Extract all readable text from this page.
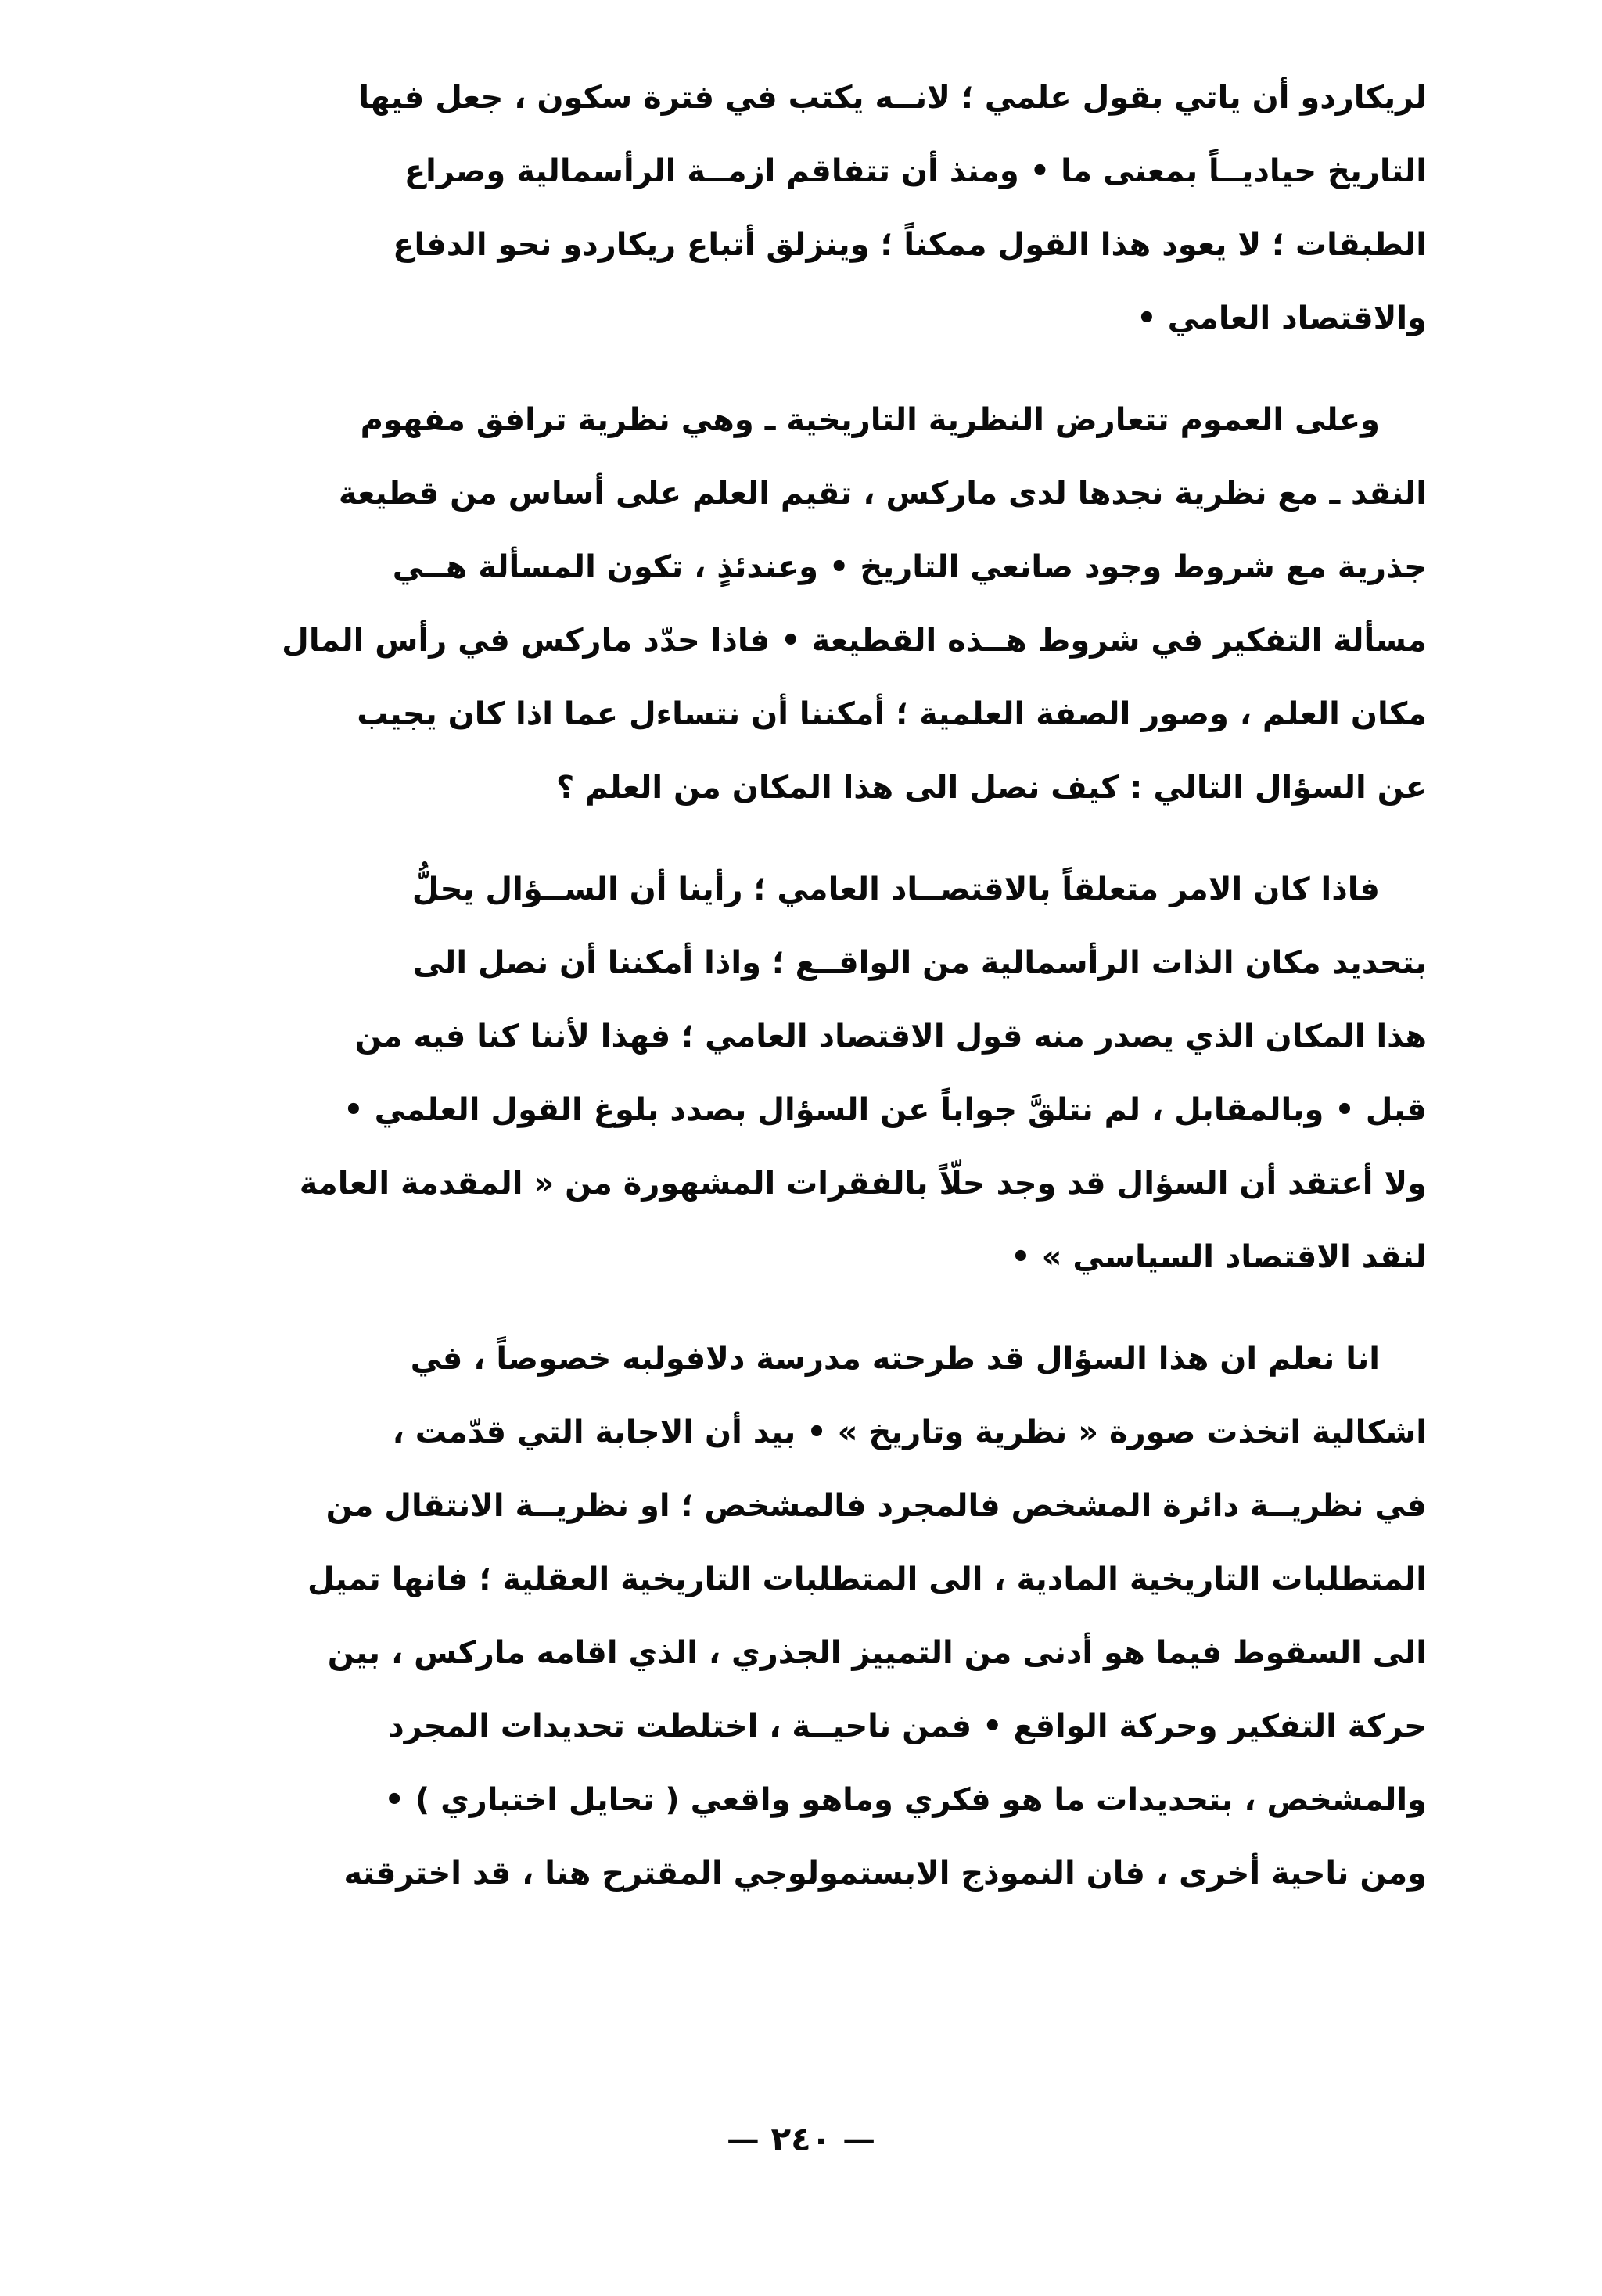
لريكاردو أن ياتي بقول علمي ؛ لانــه يكتب في فترة سكون ، جعل فيها
التاريخ حياديــاً بمعنى ما • ومنذ أن تتفاقم ازمــة الرأسمالية وصراع
الطبقات ؛ لا يعود هذا القول ممكناً ؛ وينزلق أتباع ريكاردو نحو الدفاع
والاقتصاد العامي •

وعلى العموم تتعارض النظرية التاريخية ـ وهي نظرية ترافق مفهوم
النقد ـ مع نظرية نجدها لدى ماركس ، تقيم العلم على أساس من قطيعة
جذرية مع شروط وجود صانعي التاريخ • وعندئذٍ ، تكون المسألة هــي
مسألة التفكير في شروط هــذه القطيعة • فاذا حدّد ماركس في رأس المال
مكان العلم ، وصور الصفة العلمية ؛ أمكننا أن نتساءل عما اذا كان يجيب
عن السؤال التالي : كيف نصل الى هذا المكان من العلم ؟

فاذا كان الامر متعلقاً بالاقتصــاد العامي ؛ رأينا أن الســؤال يحلُّ
بتحديد مكان الذات الرأسمالية من الواقــع ؛ واذا أمكننا أن نصل الى
هذا المكان الذي يصدر منه قول الاقتصاد العامي ؛ فهذا لأننا كنا فيه من
قبل • وبالمقابل ، لم نتلقَّ جواباً عن السؤال بصدد بلوغ القول العلمي •
ولا أعتقد أن السؤال قد وجد حلّاً بالفقرات المشهورة من « المقدمة العامة
لنقد الاقتصاد السياسي » •

انا نعلم ان هذا السؤال قد طرحته مدرسة دلافولبه خصوصاً ، في
اشكالية اتخذت صورة « نظرية وتاريخ » • بيد أن الاجابة التي قدّمت ،
في نظريــة دائرة المشخص فالمجرد فالمشخص ؛ او نظريــة الانتقال من
المتطلبات التاريخية المادية ، الى المتطلبات التاريخية العقلية ؛ فانها تميل
الى السقوط فيما هو أدنى من التمييز الجذري ، الذي اقامه ماركس ، بين
حركة التفكير وحركة الواقع • فمن ناحيــة ، اختلطت تحديدات المجرد
والمشخص ، بتحديدات ما هو فكري وماهو واقعي ( تحايل اختباري ) •
ومن ناحية أخرى ، فان النموذج الابستمولوجي المقترح هنا ، قد اخترقته

— ٢٤٠ —
